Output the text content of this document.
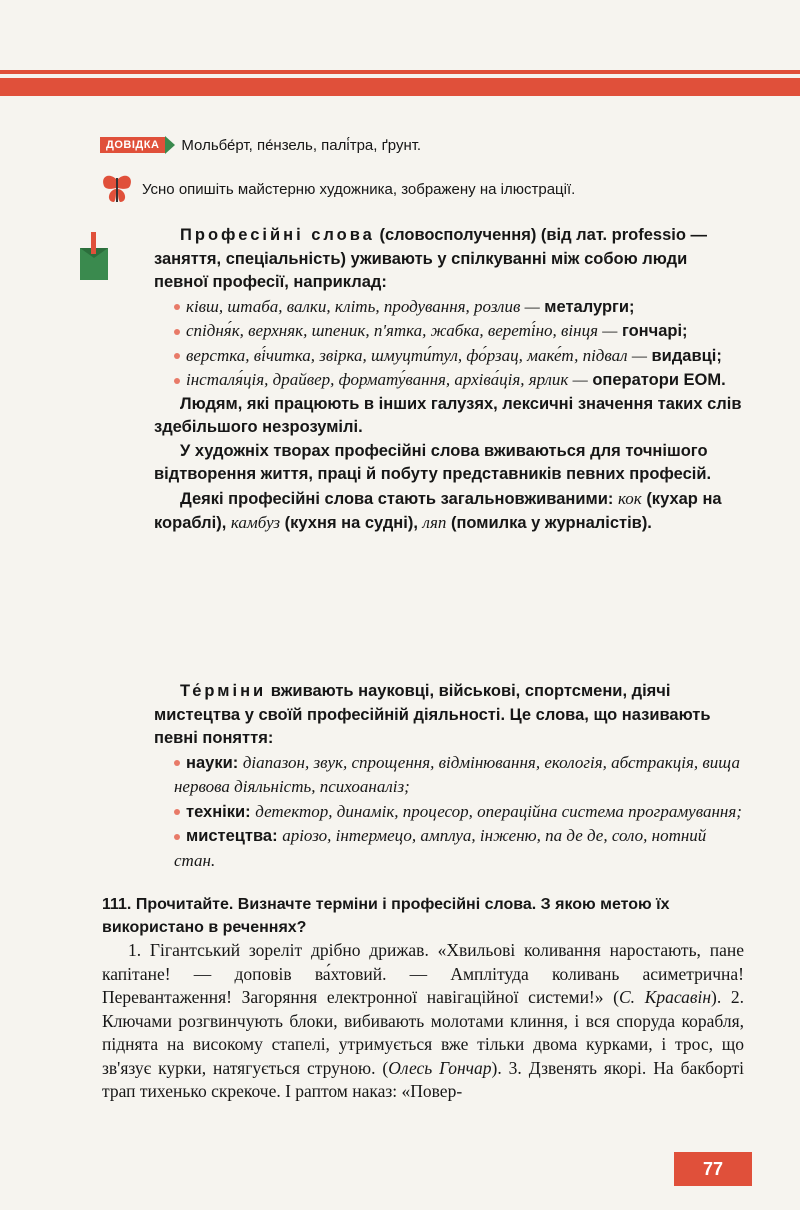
ДОВІДКА	Мольбе́рт, пе́нзель, палі́тра, ґрунт.
Усно опишіть майстерню художника, зображену на ілюстрації.

Професійні слова (словосполучення) (від лат. professio — заняття, спеціальність) уживають у спілкуванні між собою люди певної професії, наприклад:

ківш, штаба, валки, кліть, продування, розлив — металурги;

спідня́к, верхняк, шпеник, п'ятка, жабка, вереті́но, вінця — гончарі;

верстка, ві́читка, звірка, шмуцти́тул, фо́рзац, маке́т, підвал — видавці;

інсталя́ція, драйвер, формату́вання, архіва́ція, ярлик — оператори ЕОМ.

Людям, які працюють в інших галузях, лексичні значення таких слів здебільшого незрозумілі.

У художніх творах професійні слова вживаються для точнішого відтворення життя, праці й побуту представників певних професій.

Деякі професійні слова стають загальновживаними: кок (кухар на кораблі), камбуз (кухня на судні), ляп (помилка у журналістів).

Те́рміни вживають науковці, військові, спортсмени, діячі мистецтва у своїй професійній діяльності. Це слова, що називають певні поняття:

науки: діапазон, звук, спрощення, відмінювання, екологія, абстракція, вища нервова діяльність, психоаналіз;

техніки: детектор, динамік, процесор, операційна система програмування;

мистецтва: аріозо, інтермецо, амплуа, інженю, па де де, соло, нотний стан.

111. Прочитайте. Визначте терміни і професійні слова. З якою метою їх використано в реченнях?
1. Гігантський зореліт дрібно дрижав. «Хвильові коливання наростають, пане капітане! — доповів ва́хтовий. — Амплітуда коливань асиметрична! Перевантаження! Загоряння електронної навігаційної системи!» (С. Красавін). 2. Ключами розгвинчують блоки, вибивають молотами клиння, і вся споруда корабля, піднята на високому стапелі, утримується вже тільки двома курками, і трос, що зв'язує курки, натягується струною. (Олесь Гончар). 3. Дзвенять якорі. На бакборті трап тихенько скрекоче. І раптом наказ: «Повер-
77
